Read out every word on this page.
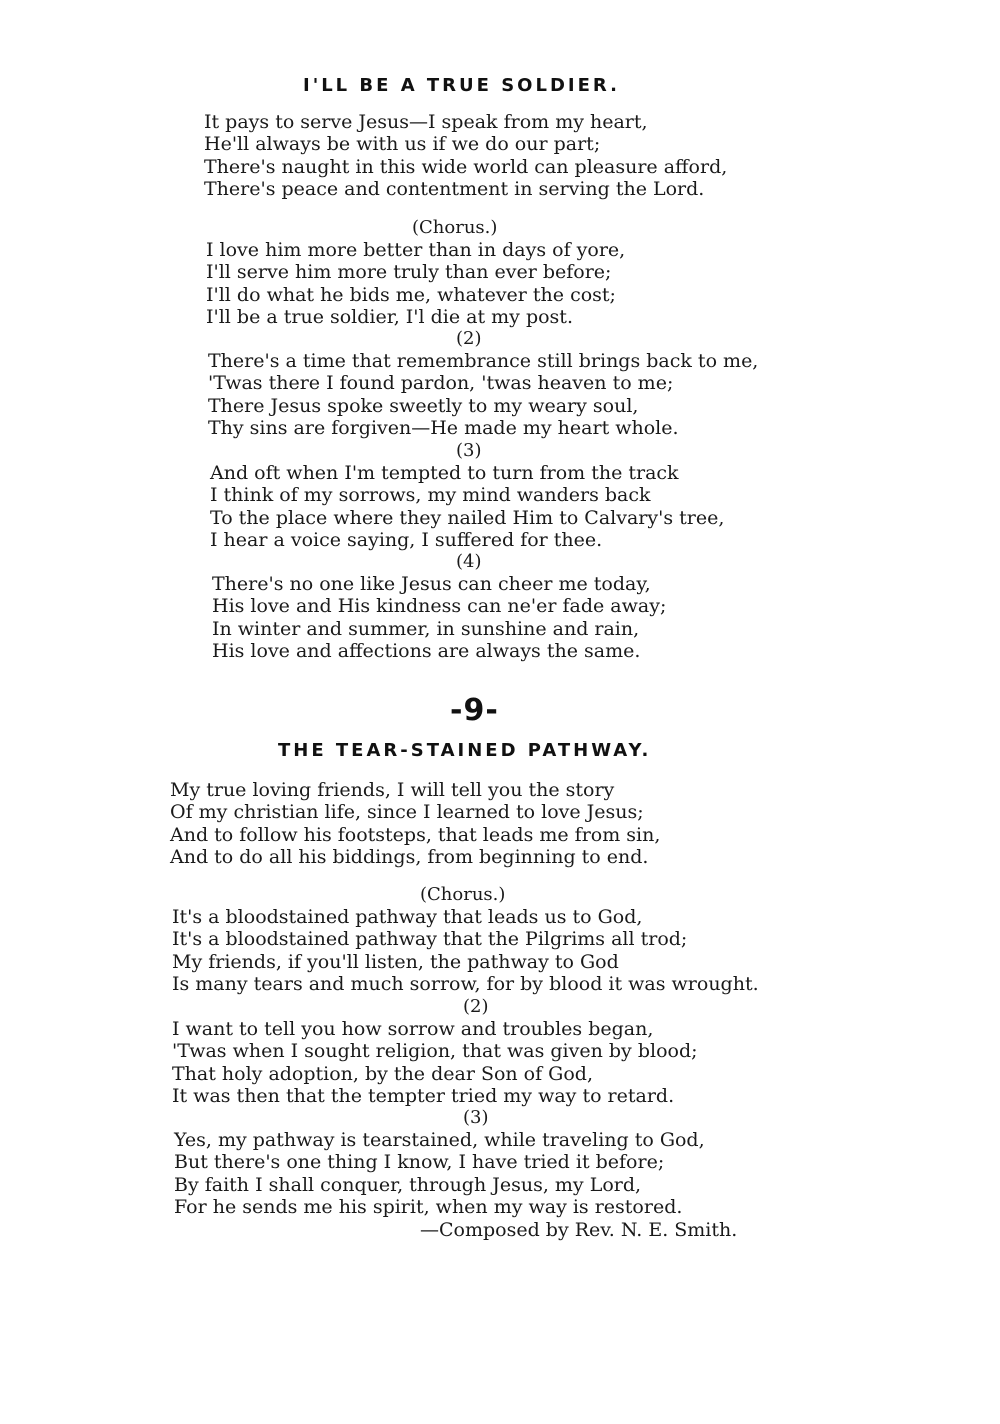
I'LL BE A TRUE SOLDIER.
It pays to serve Jesus—I speak from my heart,
He'll always be with us if we do our part;
There's naught in this wide world can pleasure afford,
There's peace and contentment in serving the Lord.
(Chorus.)
I love him more better than in days of yore,
I'll serve him more truly than ever before;
I'll do what he bids me, whatever the cost;
I'll be a true soldier, I'l die at my post.
(2)
There's a time that remembrance still brings back to me,
'Twas there I found pardon, 'twas heaven to me;
There Jesus spoke sweetly to my weary soul,
Thy sins are forgiven—He made my heart whole.
(3)
And oft when I'm tempted to turn from the track
I think of my sorrows, my mind wanders back
To the place where they nailed Him to Calvary's tree,
I hear a voice saying, I suffered for thee.
(4)
There's no one like Jesus can cheer me today,
His love and His kindness can ne'er fade away;
In winter and summer, in sunshine and rain,
His love and affections are always the same.
-9-
THE TEAR-STAINED PATHWAY.
My true loving friends, I will tell you the story
Of my christian life, since I learned to love Jesus;
And to follow his footsteps, that leads me from sin,
And to do all his biddings, from beginning to end.
(Chorus.)
It's a bloodstained pathway that leads us to God,
It's a bloodstained pathway that the Pilgrims all trod;
My friends, if you'll listen, the pathway to God
Is many tears and much sorrow, for by blood it was wrought.
(2)
I want to tell you how sorrow and troubles began,
'Twas when I sought religion, that was given by blood;
That holy adoption, by the dear Son of God,
It was then that the tempter tried my way to retard.
(3)
Yes, my pathway is tearstained, while traveling to God,
But there's one thing I know, I have tried it before;
By faith I shall conquer, through Jesus, my Lord,
For he sends me his spirit, when my way is restored.
—Composed by Rev. N. E. Smith.
